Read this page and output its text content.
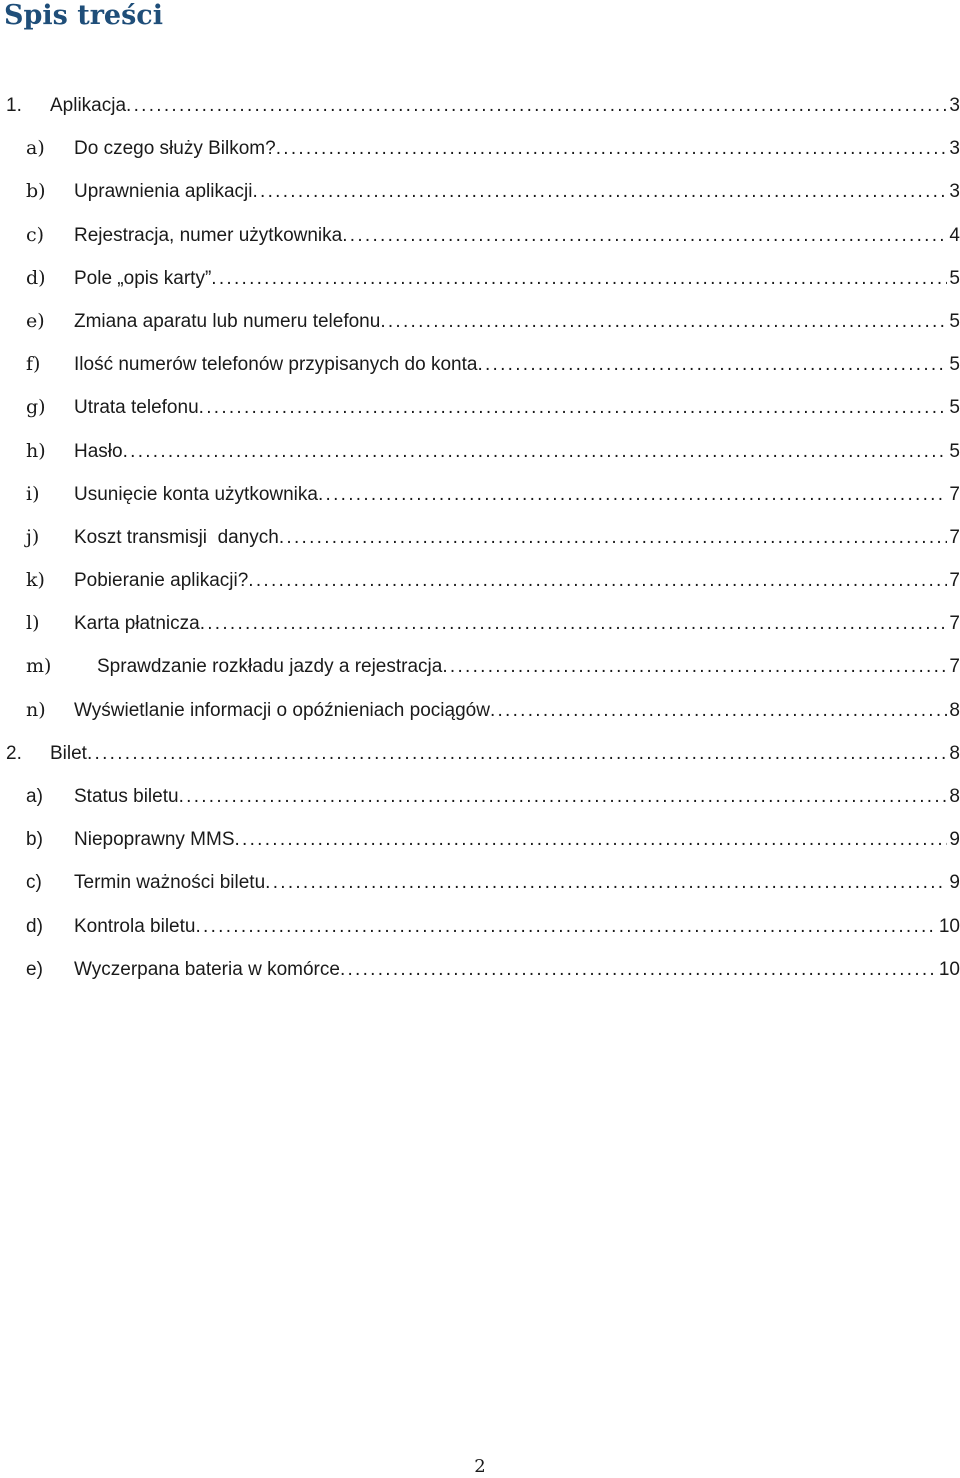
Spis treści
1. Aplikacja . . .	3
a) Do czego służy Bilkom? . . .	3
b) Uprawnienia aplikacji . . .	3
c) Rejestracja, numer użytkownika . . .	4
d) Pole „opis karty” . . .	5
e) Zmiana aparatu lub numeru telefonu . . .	5
f) Ilość numerów telefonów przypisanych do konta . . .	5
g) Utrata telefonu . . .	5
h) Hasło . . .	5
i) Usunięcie konta użytkownika . . .	7
j) Koszt transmisji  danych . . .	7
k) Pobieranie aplikacji? . . .	7
l) Karta płatnicza . . .	7
m) Sprawdzanie rozkładu jazdy a rejestracja . . .	7
n) Wyświetlanie informacji o opóźnieniach pociągów . . .	8
2. Bilet . . .	8
a) Status biletu . . .	8
b) Niepoprawny MMS . . .	9
c) Termin ważności biletu . . .	9
d) Kontrola biletu . . .	10
e) Wyczerpana bateria w komórce . . .	10

2
